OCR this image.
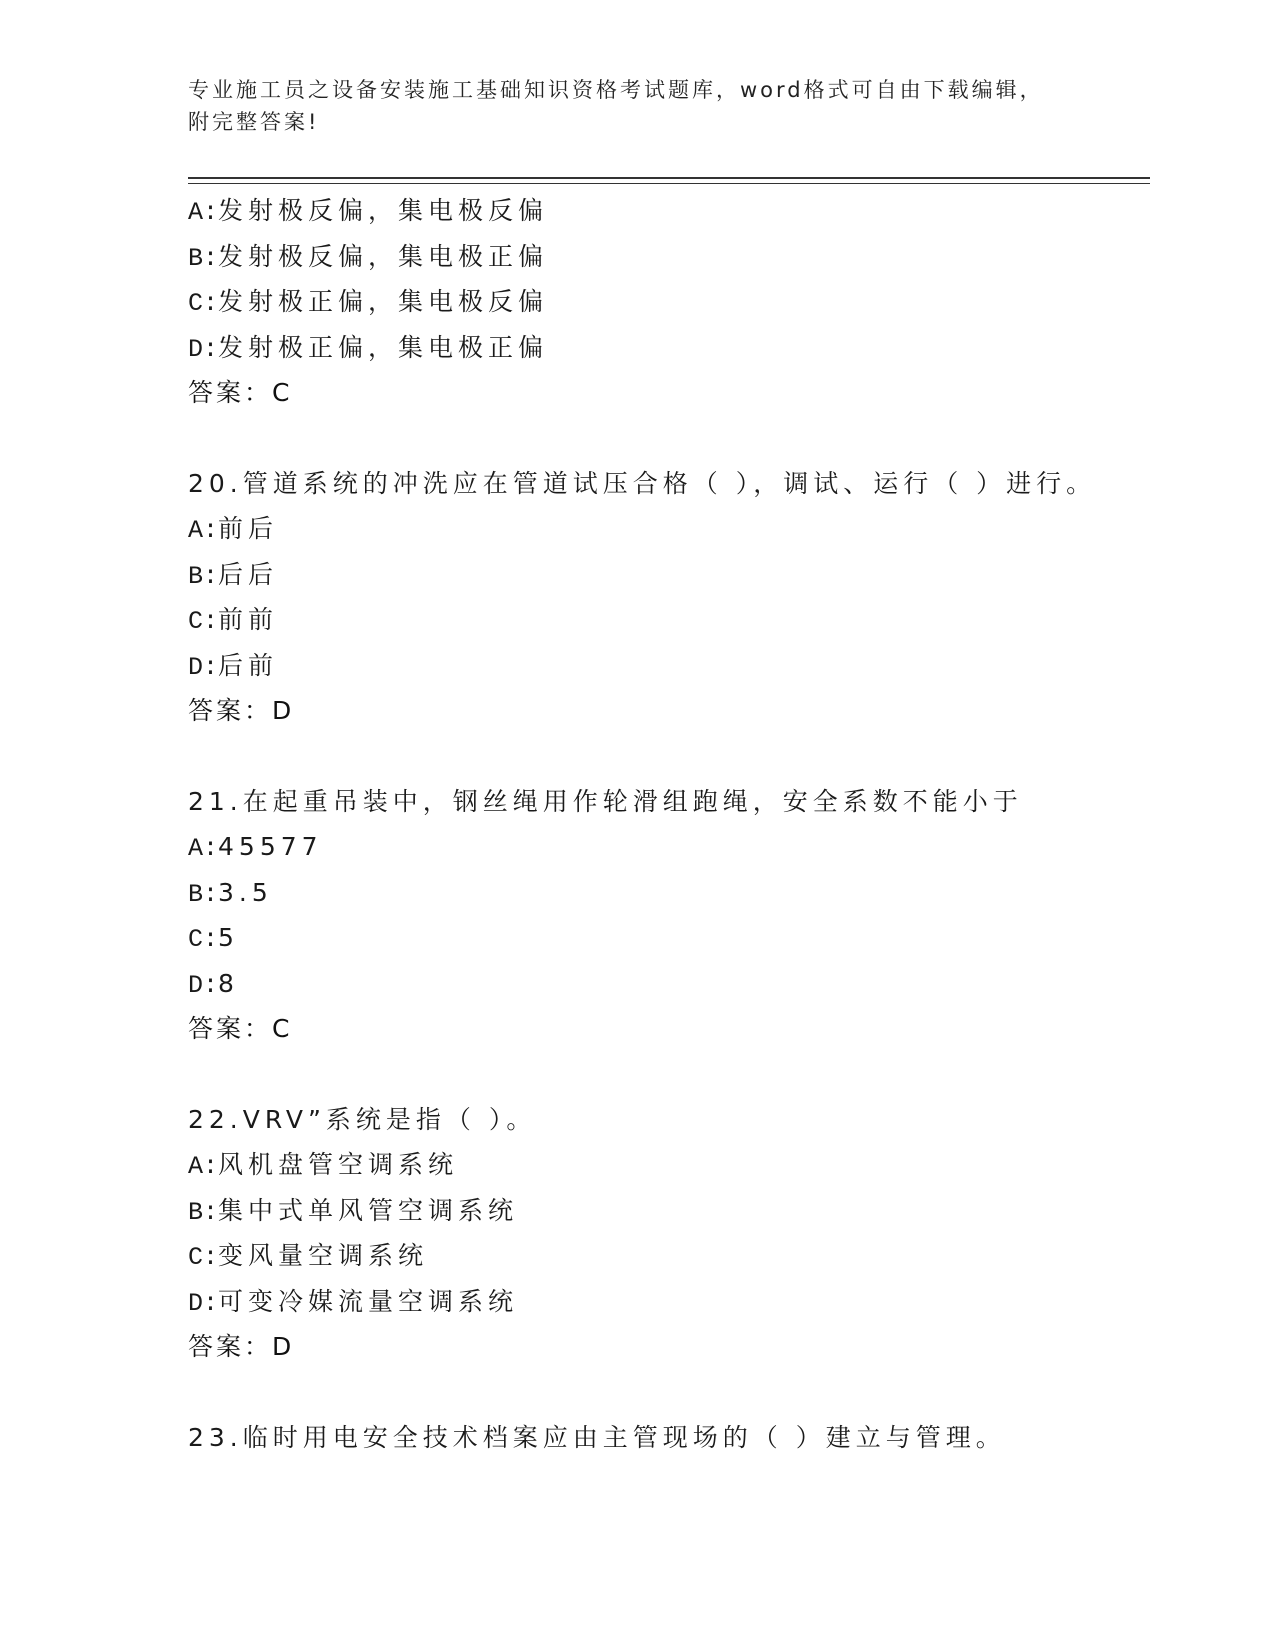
专业施工员之设备安装施工基础知识资格考试题库，word格式可自由下载编辑，
附完整答案!
A:发射极反偏，集电极反偏
B:发射极反偏，集电极正偏
C:发射极正偏，集电极反偏
D:发射极正偏，集电极正偏
答案：C
20.管道系统的冲洗应在管道试压合格（ ），调试、运行（ ）进行。
A:前后
B:后后
C:前前
D:后前
答案：D
21.在起重吊装中，钢丝绳用作轮滑组跑绳，安全系数不能小于
A:45577
B:3.5
C:5
D:8
答案：C
22.VRV”系统是指（ ）。
A:风机盘管空调系统
B:集中式单风管空调系统
C:变风量空调系统
D:可变冷媒流量空调系统
答案：D
23.临时用电安全技术档案应由主管现场的（ ）建立与管理。
